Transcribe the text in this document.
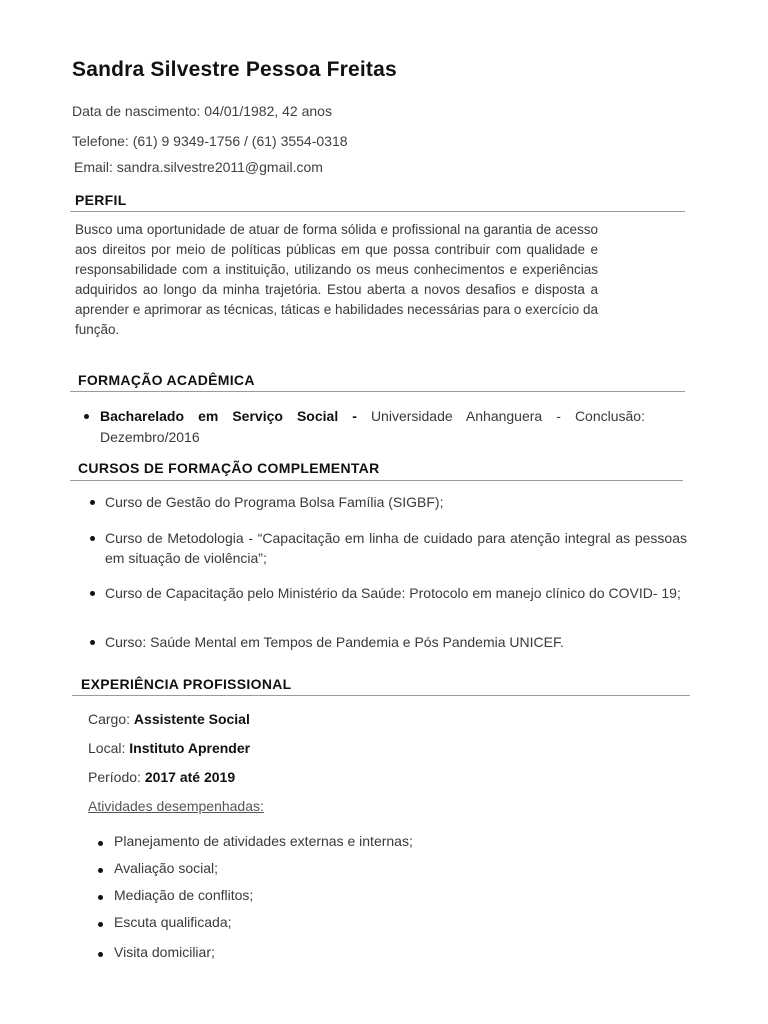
Sandra Silvestre Pessoa Freitas
Data de nascimento: 04/01/1982, 42 anos
Telefone: (61) 9 9349-1756 / (61) 3554-0318
Email: sandra.silvestre2011@gmail.com
PERFIL

Busco uma oportunidade de atuar de forma sólida e profissional na garantia de acesso aos direitos por meio de políticas públicas em que possa contribuir com qualidade e responsabilidade com a instituição, utilizando os meus conhecimentos e experiências adquiridos ao longo da minha trajetória. Estou aberta a novos desafios e disposta a aprender e aprimorar as técnicas, táticas e habilidades necessárias para o exercício da função.

FORMAÇÃO ACADÊMICA
Bacharelado em Serviço Social - Universidade Anhanguera - Conclusão: Dezembro/2016
CURSOS DE FORMAÇÃO COMPLEMENTAR
Curso de Gestão do Programa Bolsa Família (SIGBF);
Curso de Metodologia - “Capacitação em linha de cuidado para atenção integral as pessoas em situação de violência”;
Curso de Capacitação pelo Ministério da Saúde: Protocolo em manejo clínico do COVID- 19;
Curso: Saúde Mental em Tempos de Pandemia e Pós Pandemia UNICEF.
EXPERIÊNCIA PROFISSIONAL
Cargo: Assistente Social
Local: Instituto Aprender
Período: 2017 até 2019
Atividades desempenhadas:
Planejamento de atividades externas e internas;
Avaliação social;
Mediação de conflitos;
Escuta qualificada;
Visita domiciliar;
